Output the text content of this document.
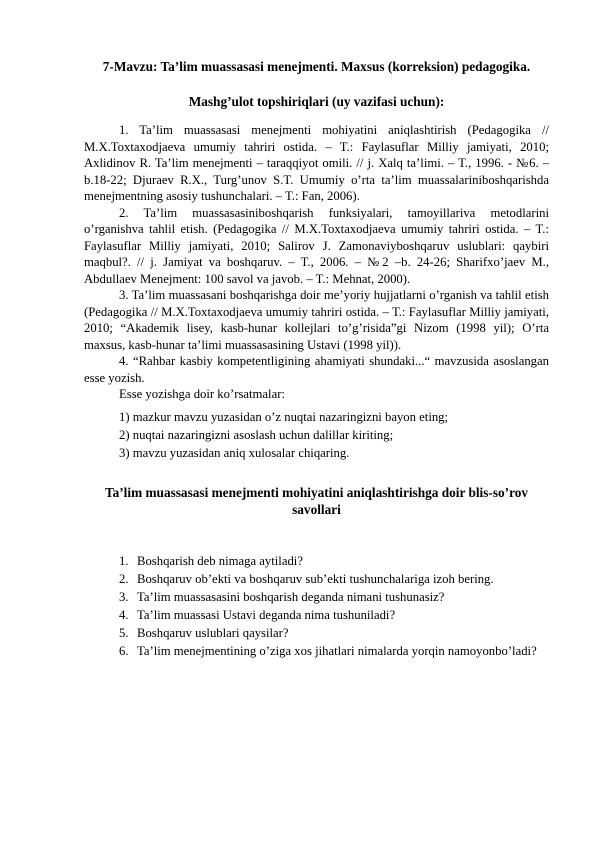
7-Mavzu: Ta’lim muassasasi menejmenti. Maxsus (korreksion) pedagogika.
Mashg’ulot topshiriqlari (uy vazifasi uchun):

1. Ta’lim muassasasi menejmenti mohiyatini aniqlashtirish (Pedagogika // M.X.Toxtaxodjaeva umumiy tahriri ostida. – T.: Faylasuflar Milliy jamiyati, 2010; Axlidinov R. Ta’lim menejmenti – taraqqiyot omili. // j. Xalq ta’limi. – T., 1996. - №6. –b.18-22; Djuraev R.X., Turg’unov S.T. Umumiy o’rta ta’lim muassalariniboshqarishda menejmentning asosiy tushunchalari. – T.: Fan, 2006).

2. Ta’lim muassasasiniboshqarish funksiyalari, tamoyillariva metodlarini o’rganishva tahlil etish. (Pedagogika // M.X.Toxtaxodjaeva umumiy tahriri ostida. – T.: Faylasuflar Milliy jamiyati, 2010; Salirov J. Zamonaviyboshqaruv uslublari: qaybiri maqbul?. // j. Jamiyat va boshqaruv. – T., 2006. – №2 –b. 24-26; Sharifxo’jaev M., Abdullaev Menejment: 100 savol va javob. – T.: Mehnat, 2000).

3. Ta’lim muassasani boshqarishga doir me’yoriy hujjatlarni o’rganish va tahlil etish (Pedagogika // M.X.Toxtaxodjaeva umumiy tahriri ostida. – T.: Faylasuflar Milliy jamiyati, 2010; “Akademik lisey, kasb-hunar kollejlari to’g’risida”gi Nizom (1998 yil); O’rta maxsus, kasb-hunar ta’limi muassasasining Ustavi (1998 yil)).

4. “Rahbar kasbiy kompetentligining ahamiyati shundaki...“ mavzusida asoslangan esse yozish.

Esse yozishga doir ko’rsatmalar:

1) mazkur mavzu yuzasidan o’z nuqtai nazaringizni bayon eting;
2) nuqtai nazaringizni asoslash uchun dalillar kiriting;
3) mavzu yuzasidan aniq xulosalar chiqaring.
Ta’lim muassasasi menejmenti mohiyatini aniqlashtirishga doir blis-so’rov savollari
1. Boshqarish deb nimaga aytiladi?
2. Boshqaruv ob’ekti va boshqaruv sub’ekti tushunchalariga izoh bering.
3. Ta’lim muassasasini boshqarish deganda nimani tushunasiz?
4. Ta’lim muassasi Ustavi deganda nima tushuniladi?
5. Boshqaruv uslublari qaysilar?
6. Ta’lim menejmentining o’ziga xos jihatlari nimalarda yorqin namoyonbo’ladi?
